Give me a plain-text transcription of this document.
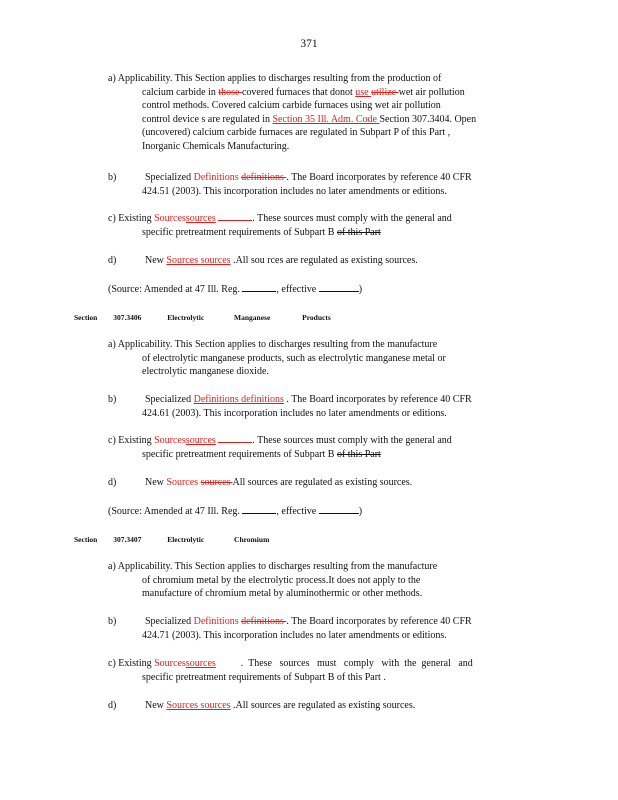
371
a) Applicability. This Section applies to discharges resulting from the production of
calcium carbide in those covered furnaces that donot use utilize wet air pollution
control methods. Covered calcium carbide furnaces using wet air pollution
control device s are regulated in Section 35 Ill. Adm. Code Section 307.3404. Open
(uncovered) calcium carbide furnaces are regulated in Subpart P of this Part ,
Inorganic Chemicals Manufacturing.
b)	Specialized Definitions definitions . The Board incorporates by reference 40 CFR
424.51 (2003). This incorporation includes no later amendments or editions.
c) Existing Sourcessources	. These sources must comply with the general and
specific pretreatment requirements of Subpart B of this Part
d)	New Sources sources .All sou rces are regulated as existing sources.
(Source: Amended at 47 Ill. Reg.	, effective	)
Section 307.3406	Electrolytic	Manganese	Products
a) Applicability. This Section applies to discharges resulting from the manufacture
of electrolytic manganese products, such as electrolytic manganese metal or
electrolytic manganese dioxide.
b)	Specialized Definitions definitions . The Board incorporates by reference 40 CFR
424.61 (2003). This incorporation includes no later amendments or editions.
c) Existing Sourcessources	. These sources must comply with the general and
specific pretreatment requirements of Subpart B of this Part
d)	New Sources sources All sources are regulated as existing sources.
(Source: Amended at 47 Ill. Reg.	, effective	)
Section 307.3407	Electrolytic	Chromium
a) Applicability. This Section applies to discharges resulting from the manufacture
of chromium metal by the electrolytic process.It does not apply to the
manufacture of chromium metal by aluminothermic or other methods.
b)	Specialized Definitions definitions . The Board incorporates by reference 40 CFR
424.71 (2003). This incorporation includes no later amendments or editions.
c) Existing Sourcessources          .  These   sources   must   comply   with  the  general   and
specific pretreatment requirements of Subpart B of this Part .
d)	New Sources sources .All sources are regulated as existing sources.
